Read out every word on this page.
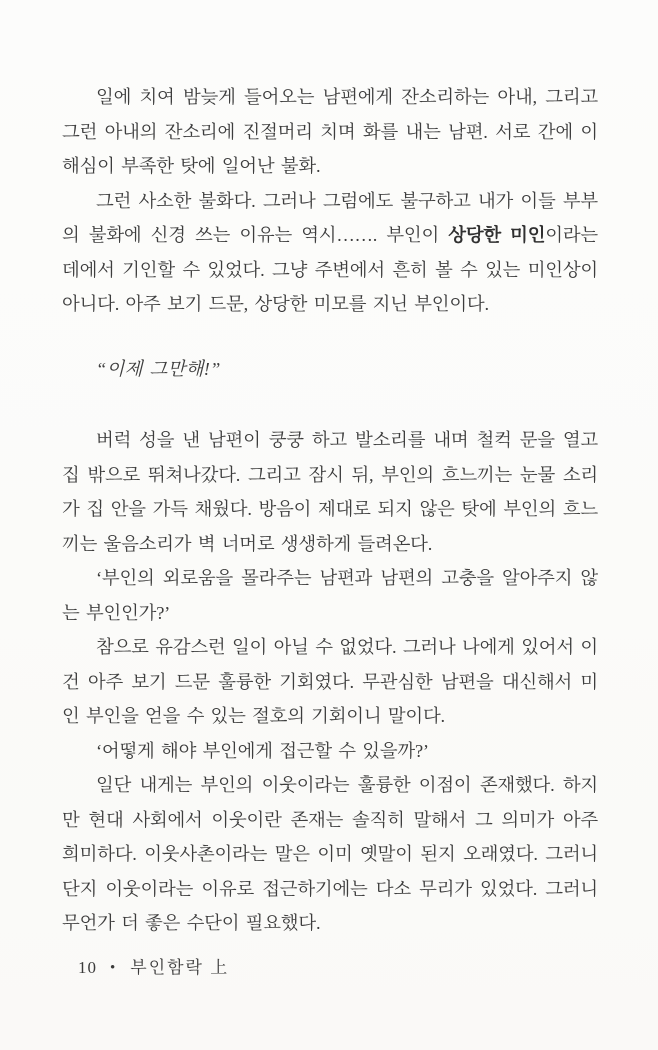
일에 치여 밤늦게 들어오는 남편에게 잔소리하는 아내, 그리고 그런 아내의 잔소리에 진절머리 치며 화를 내는 남편. 서로 간에 이해심이 부족한 탓에 일어난 불화.

그런 사소한 불화다. 그러나 그럼에도 불구하고 내가 이들 부부의 불화에 신경 쓰는 이유는 역시……. 부인이 상당한 미인이라는 데에서 기인할 수 있었다. 그냥 주변에서 흔히 볼 수 있는 미인상이 아니다. 아주 보기 드문, 상당한 미모를 지닌 부인이다.

“이제 그만해!”

버럭 성을 낸 남편이 쿵쿵 하고 발소리를 내며 철컥 문을 열고 집 밖으로 뛰쳐나갔다. 그리고 잠시 뒤, 부인의 흐느끼는 눈물 소리가 집 안을 가득 채웠다. 방음이 제대로 되지 않은 탓에 부인의 흐느끼는 울음소리가 벽 너머로 생생하게 들려온다.

‘부인의 외로움을 몰라주는 남편과 남편의 고충을 알아주지 않는 부인인가?’

참으로 유감스런 일이 아닐 수 없었다. 그러나 나에게 있어서 이건 아주 보기 드문 훌륭한 기회였다. 무관심한 남편을 대신해서 미인 부인을 얻을 수 있는 절호의 기회이니 말이다.

‘어떻게 해야 부인에게 접근할 수 있을까?’

일단 내게는 부인의 이웃이라는 훌륭한 이점이 존재했다. 하지만 현대 사회에서 이웃이란 존재는 솔직히 말해서 그 의미가 아주 희미하다. 이웃사촌이라는 말은 이미 옛말이 된지 오래였다. 그러니 단지 이웃이라는 이유로 접근하기에는 다소 무리가 있었다. 그러니 무언가 더 좋은 수단이 필요했다.

10 • 부인함락 上
